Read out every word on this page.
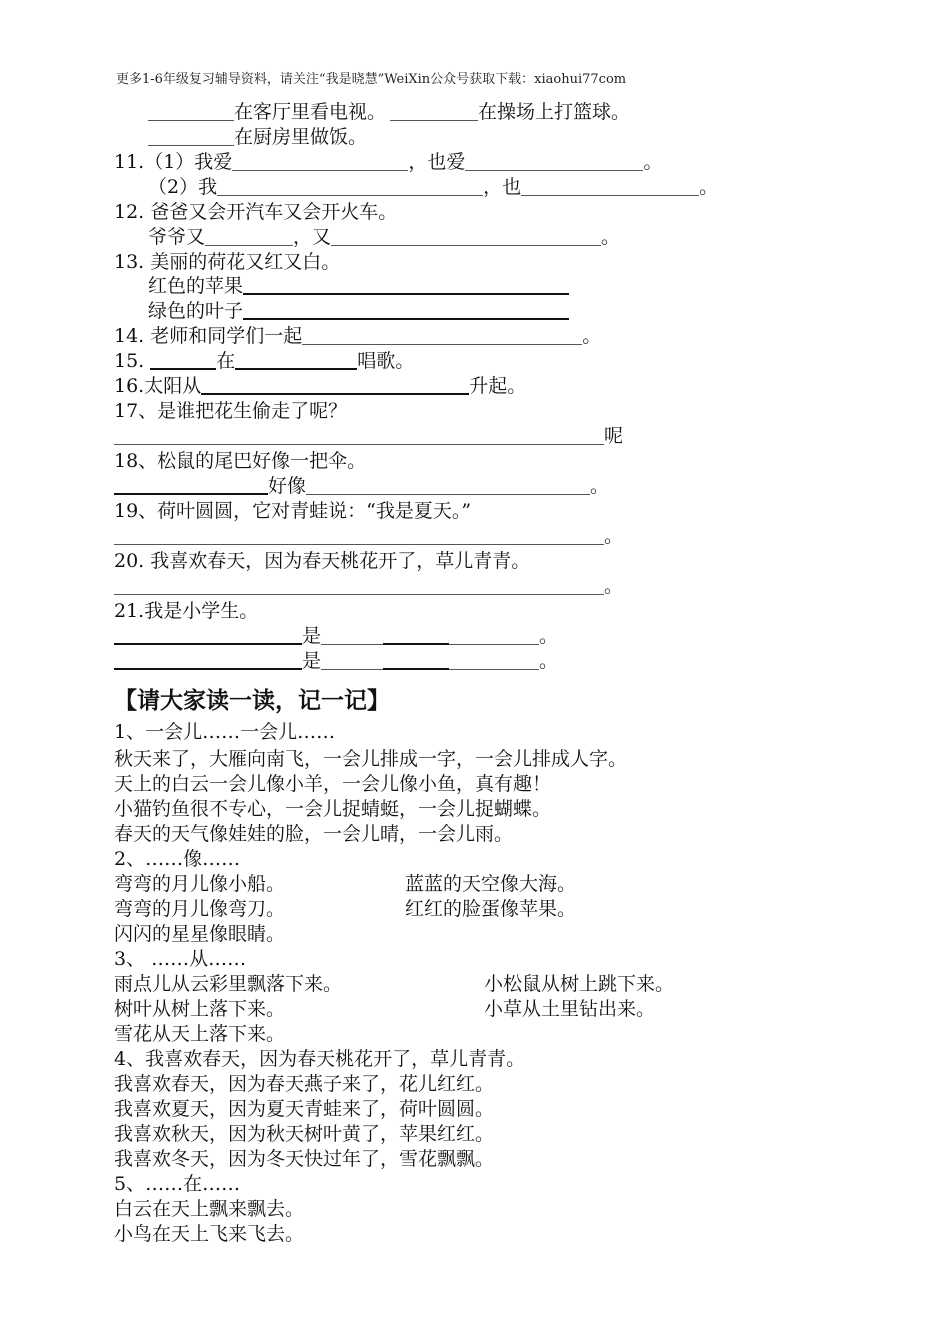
更多1-6年级复习辅导资料，请关注“我是晓慧”WeiXin公众号获取下载：xiaohui77com
在客厅里看电视。	在操场上打篮球。
在厨房里做饭。
11.（1）我爱	，也爱	。
（2）我	，也	。
12. 爸爸又会开汽车又会开火车。
爷爷又	，又	。
13. 美丽的荷花又红又白。
红色的苹果
绿色的叶子
14. 老师和同学们一起	。
15.	在	唱歌。
16.太阳从	升起。
17、是谁把花生偷走了呢？
呢
18、松鼠的尾巴好像一把伞。
好像	。
19、荷叶圆圆，它对青蛙说：“我是夏天。”
。
20. 我喜欢春天，因为春天桃花开了，草儿青青。
。
21.我是小学生。
是	。
是	。
【请大家读一读，记一记】
1、一会儿……一会儿……
秋天来了，大雁向南飞，一会儿排成一字，一会儿排成人字。
天上的白云一会儿像小羊，一会儿像小鱼，真有趣！
小猫钓鱼很不专心，一会儿捉蜻蜓，一会儿捉蝴蝶。
春天的天气像娃娃的脸，一会儿晴，一会儿雨。
2、……像……
弯弯的月儿像小船。	蓝蓝的天空像大海。
弯弯的月儿像弯刀。	红红的脸蛋像苹果。
闪闪的星星像眼睛。
3、 ……从……
雨点儿从云彩里飘落下来。	小松鼠从树上跳下来。
树叶从树上落下来。	小草从土里钻出来。
雪花从天上落下来。
4、我喜欢春天，因为春天桃花开了，草儿青青。
我喜欢春天，因为春天燕子来了，花儿红红。
我喜欢夏天，因为夏天青蛙来了，荷叶圆圆。
我喜欢秋天，因为秋天树叶黄了，苹果红红。
我喜欢冬天，因为冬天快过年了，雪花飘飘。
5、……在……
白云在天上飘来飘去。
小鸟在天上飞来飞去。
